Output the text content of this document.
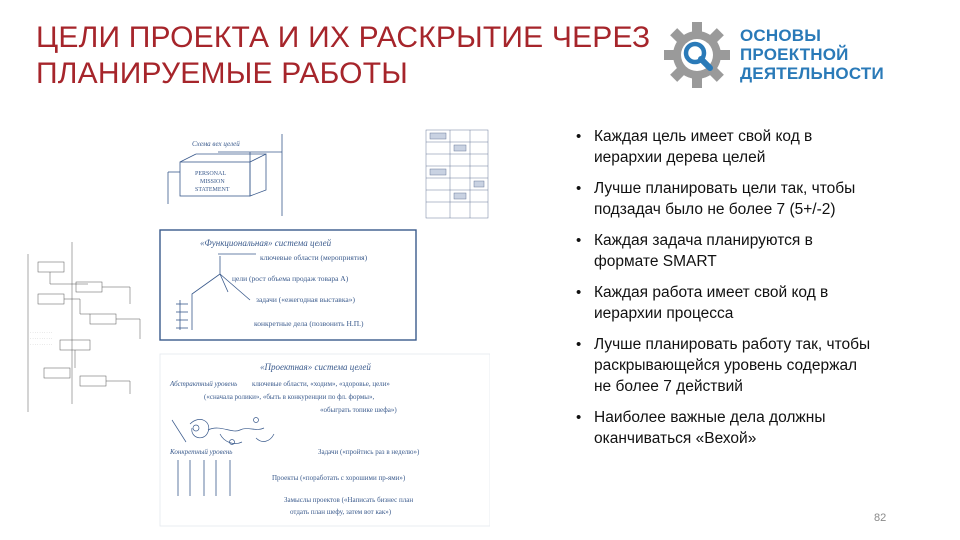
ЦЕЛИ ПРОЕКТА И ИХ РАСКРЫТИЕ ЧЕРЕЗ
ПЛАНИРУЕМЫЕ РАБОТЫ
ОСНОВЫ
ПРОЕКТНОЙ
ДЕЯТЕЛЬНОСТИ
Схема вех целей
PERSONAL
MISSION
STATEMENT
· · · · · · · · · ·
· · · · · · · · · ·
· · · · · · · · · ·
«Функциональная» система целей
ключевые области (мероприятия)
цели (рост объема продаж товара А)
задачи («ежегодная выставка»)
конкретные дела (позвонить Н.П.)
«Проектная» система целей
Абстрактный уровень ключевые области, «ходим», «здоровье, цели»
(«сначала ролики», «быть в конкуренции по фл. формы»,
«обыграть топике шефа»)
Конкретный уровень	Задачи («пройтись раз в неделю»)
Проекты («поработать с хорошими пр-ями»)
Замыслы проектов («Написать бизнес план
отдать план шефу, затем вот как»)
• Каждая цель имеет свой код в иерархии дерева целей
• Лучше планировать цели так, чтобы подзадач было не более 7 (5+/-2)
• Каждая задача планируются в формате SMART
• Каждая работа имеет свой код в иерархии процесса
• Лучше планировать работу так, чтобы раскрывающейся уровень содержал не более 7 действий
• Наиболее важные дела должны оканчиваться «Вехой»
82
